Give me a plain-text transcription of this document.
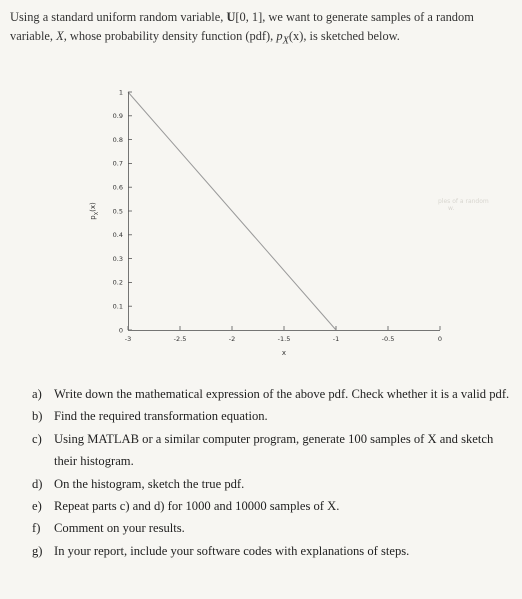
Using a standard uniform random variable, U[0, 1], we want to generate samples of a random variable, X, whose probability density function (pdf), $p_X(x)$, is sketched below.
0
0.1
0.2
0.3
0.4
0.5
0.6
0.7
0.8
0.9
1
-3	-2.5	-2	-1.5	-1	-0.5	0
x
$p_X(x)$
ples of a random
w.
a) Write down the mathematical expression of the above pdf. Check whether it is a valid pdf.
b) Find the required transformation equation.
c) Using MATLAB or a similar computer program, generate 100 samples of X and sketch their histogram.
d) On the histogram, sketch the true pdf.
e) Repeat parts c) and d) for 1000 and 10000 samples of X.
f) Comment on your results.
g) In your report, include your software codes with explanations of steps.
